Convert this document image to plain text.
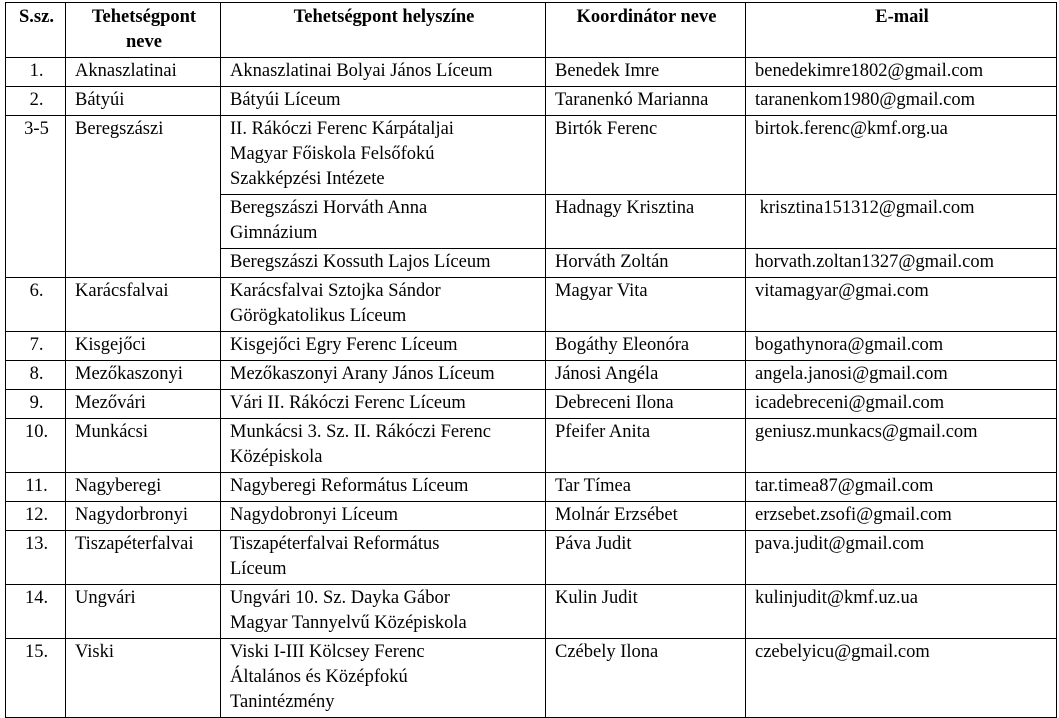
S.sz.	Tehetségpont neve	Tehetségpont helyszíne	Koordinátor neve	E-mail
1.	Aknaszlatinai	Aknaszlatinai Bolyai János Líceum	Benedek Imre	benedekimre1802@gmail.com
2.	Bátyúi	Bátyúi Líceum	Taranenkó Marianna	taranenkom1980@gmail.com
3-5	Beregszászi	II. Rákóczi Ferenc Kárpátaljai
Magyar Főiskola Felsőfokú
Szakképzési Intézete	Birtók Ferenc	birtok.ferenc@kmf.org.ua

		Beregszászi Horváth Anna
Gimnázium	Hadnagy Krisztina	krisztina151312@gmail.com

		Beregszászi Kossuth Lajos Líceum	Horváth Zoltán	horvath.zoltan1327@gmail.com
6.	Karácsfalvai	Karácsfalvai Sztojka Sándor
Görögkatolikus Líceum	Magyar Vita	vitamagyar@gmai.com
7.	Kisgejőci	Kisgejőci Egry Ferenc Líceum	Bogáthy Eleonóra	bogathynora@gmail.com
8.	Mezőkaszonyi	Mezőkaszonyi Arany János Líceum	Jánosi Angéla	angela.janosi@gmail.com
9.	Mezővári	Vári II. Rákóczi Ferenc Líceum	Debreceni Ilona	icadebreceni@gmail.com
10.	Munkácsi	Munkácsi 3. Sz. II. Rákóczi Ferenc
Középiskola	Pfeifer Anita	geniusz.munkacs@gmail.com
11.	Nagyberegi	Nagyberegi Református Líceum	Tar Tímea	tar.timea87@gmail.com
12.	Nagydorbronyi	Nagydobronyi Líceum	Molnár Erzsébet	erzsebet.zsofi@gmail.com
13.	Tiszapéterfalvai	Tiszapéterfalvai Református
Líceum	Páva Judit	pava.judit@gmail.com
14.	Ungvári	Ungvári 10. Sz. Dayka Gábor
Magyar Tannyelvű Középiskola	Kulin Judit	kulinjudit@kmf.uz.ua
15.	Viski	Viski I-III Kölcsey Ferenc
Általános és Középfokú
Tanintézmény	Czébely Ilona	czebelyicu@gmail.com
